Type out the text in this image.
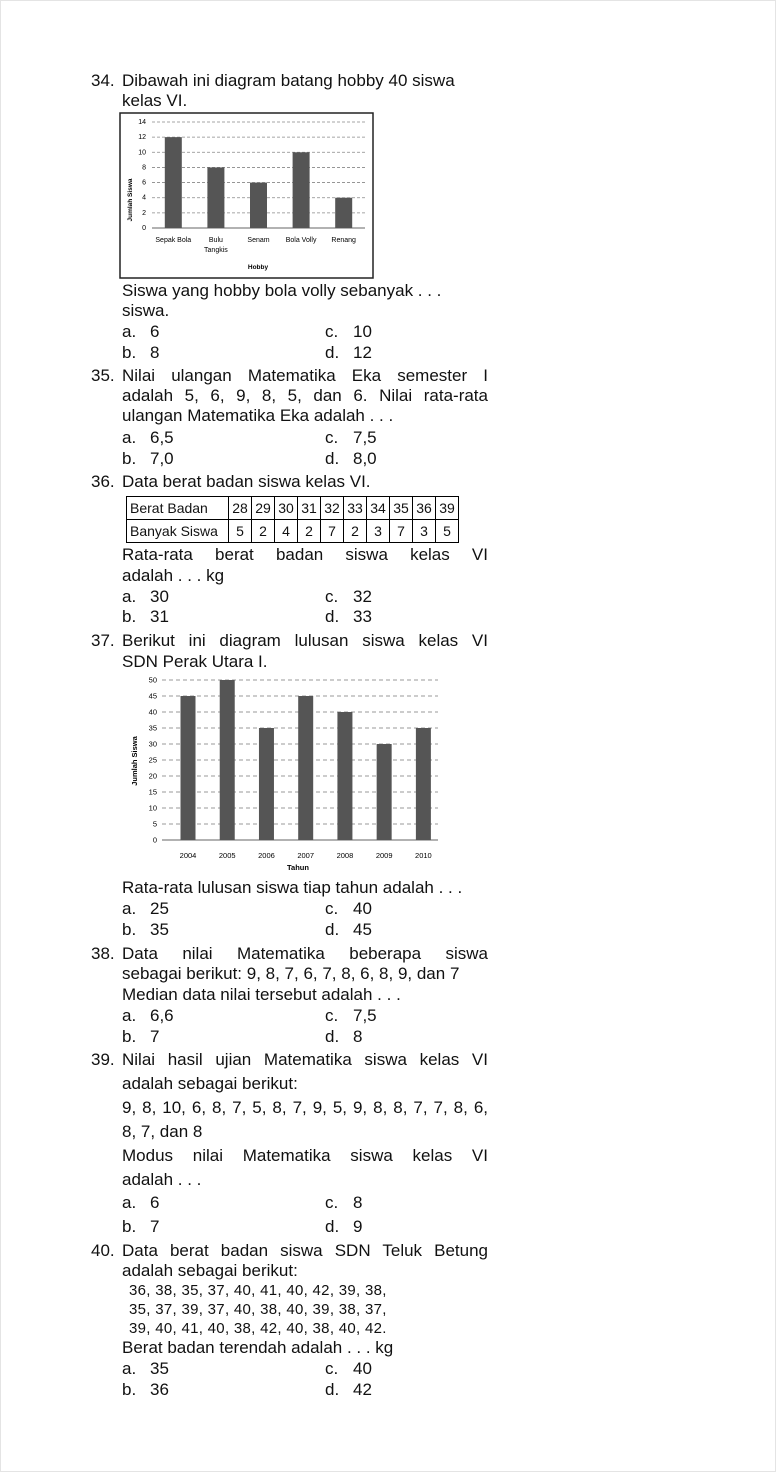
34. Dibawah ini diagram batang hobby 40 siswa
kelas VI.
0
2
4
6
8
10
12
14
Sepak Bola	Bulu
Tangkis
Senam Bola Volly Renang
Jumlah Siswa
Hobby
Siswa yang hobby bola volly sebanyak . . .
siswa.
a. 6
b. 8
c. 10
d. 12
35. Nilai ulangan Matematika Eka semester I
adalah 5, 6, 9, 8, 5, dan 6. Nilai rata-rata
ulangan Matematika Eka adalah . . .
a. 6,5
b. 7,0
c. 7,5
d. 8,0
36. Data berat badan siswa kelas VI.
Berat Badan	28	29	30	31	32	33	34	35	36	39
Banyak Siswa	5	2	4	2	7	2	3	7	3	5
Rata-rata berat badan siswa kelas VI
adalah . . . kg
a. 30
b. 31
c. 32
d. 33
37. Berikut ini diagram lulusan siswa kelas VI
SDN Perak Utara I.
0
5
10
15
20
25
30
35
40
45
50
2004	2005	2006	2007	2008	2009	2010
Jumlah Siswa
Tahun
Rata-rata lulusan siswa tiap tahun adalah . . .
a. 25
b. 35
c. 40
d. 45
38. Data nilai Matematika beberapa siswa
sebagai berikut: 9, 8, 7, 6, 7, 8, 6, 8, 9, dan 7
Median data nilai tersebut adalah . . .
a. 6,6
b. 7
c. 7,5
d. 8
39. Nilai hasil ujian Matematika siswa kelas VI
adalah sebagai berikut:
9, 8, 10, 6, 8, 7, 5, 8, 7, 9, 5, 9, 8, 8, 7, 7, 8, 6,
8, 7, dan 8
Modus nilai Matematika siswa kelas VI
adalah . . .
a. 6
b. 7
c. 8
d. 9
40. Data berat badan siswa SDN Teluk Betung
adalah sebagai berikut:
36, 38, 35, 37, 40, 41, 40, 42, 39, 38,
35, 37, 39, 37, 40, 38, 40, 39, 38, 37,
39, 40, 41, 40, 38, 42, 40, 38, 40, 42.
Berat badan terendah adalah . . . kg
a. 35
b. 36
c. 40
d. 42
